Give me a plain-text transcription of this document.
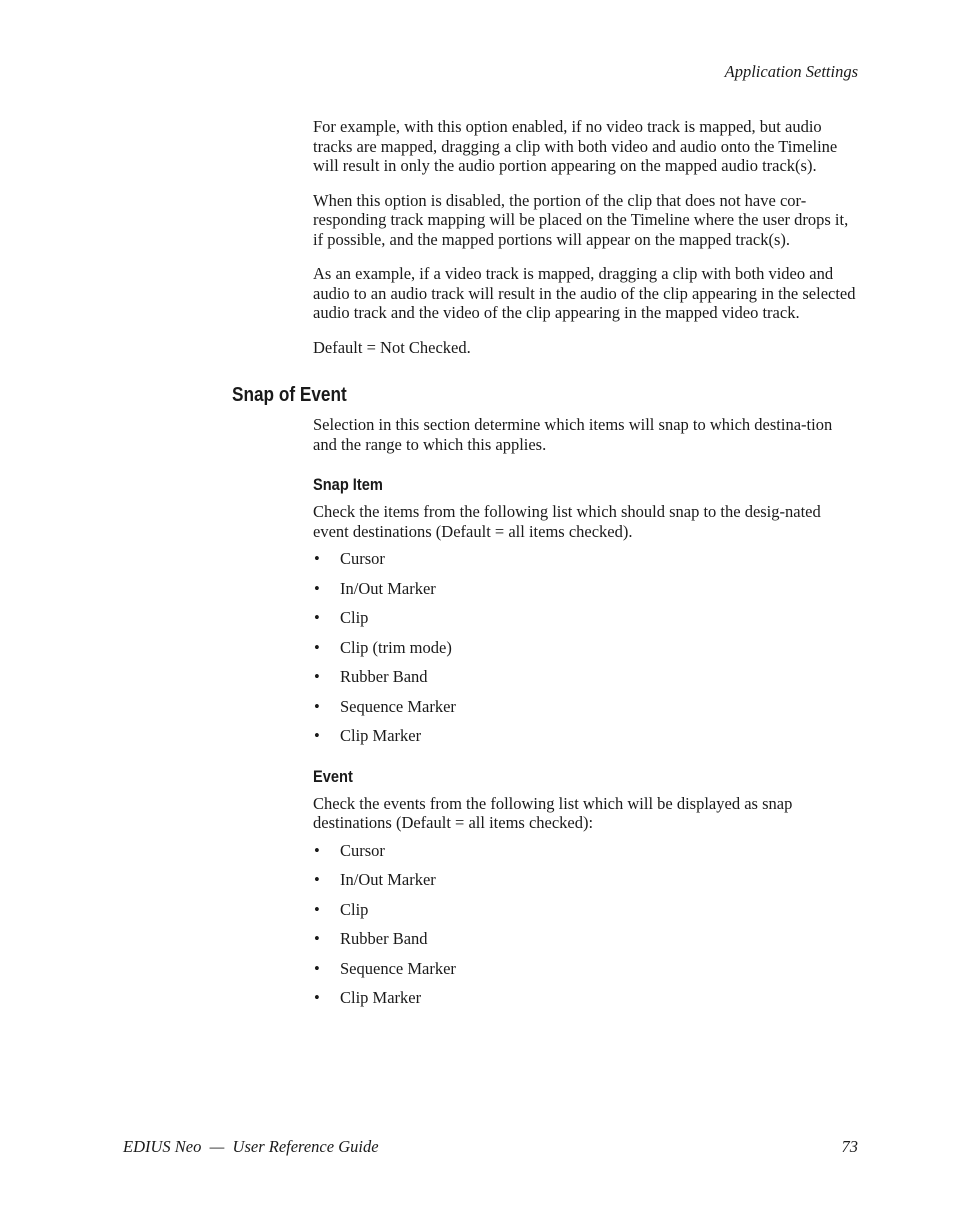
Application Settings

For example, with this option enabled, if no video track is mapped, but audio tracks are mapped, dragging a clip with both video and audio onto the Timeline will result in only the audio portion appearing on the mapped audio track(s).

When this option is disabled, the portion of the clip that does not have cor-responding track mapping will be placed on the Timeline where the user drops it, if possible, and the mapped portions will appear on the mapped track(s).

As an example, if a video track is mapped, dragging a clip with both video and audio to an audio track will result in the audio of the clip appearing in the selected audio track and the video of the clip appearing in the mapped video track.

Default = Not Checked.

Snap of Event

Selection in this section determine which items will snap to which destina-tion and the range to which this applies.

Snap Item

Check the items from the following list which should snap to the desig-nated event destinations (Default = all items checked).

• Cursor
• In/Out Marker
• Clip
• Clip (trim mode)
• Rubber Band
• Sequence Marker
• Clip Marker
Event

Check the events from the following list which will be displayed as snap destinations (Default = all items checked):

• Cursor
• In/Out Marker
• Clip
• Rubber Band
• Sequence Marker
• Clip Marker

EDIUS Neo  —  User Reference Guide	73
